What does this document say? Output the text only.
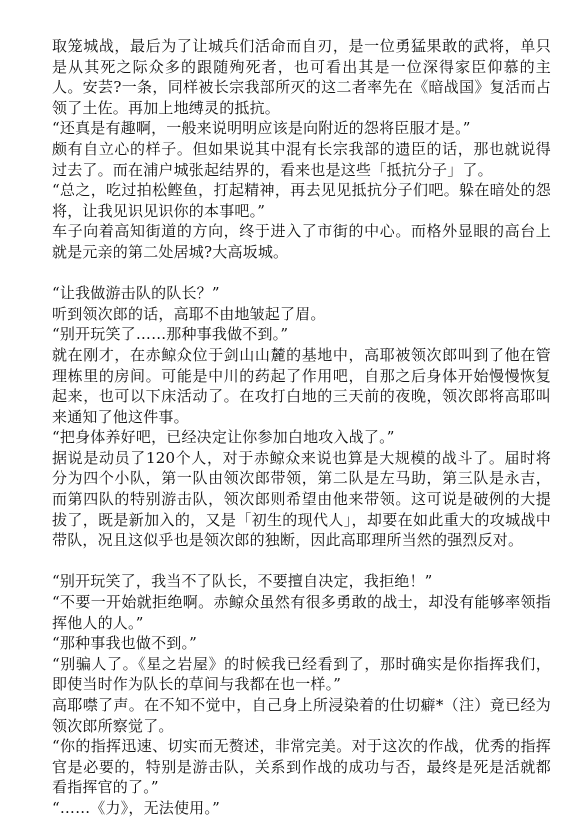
取笼城战，最后为了让城兵们活命而自刃，是一位勇猛果敢的武将，单只是从其死之际众多的跟随殉死者，也可看出其是一位深得家臣仰慕的主人。安芸?一条，同样被长宗我部所灭的这二者率先在《暗战国》复活而占领了土佐。再加上地缚灵的抵抗。

“还真是有趣啊，一般来说明明应该是向附近的怨将臣服才是。”

颇有自立心的样子。但如果说其中混有长宗我部的遗臣的话，那也就说得过去了。而在浦户城张起结界的，看来也是这些「抵抗分子」了。

“总之，吃过拍松鲣鱼，打起精神，再去见见抵抗分子们吧。躲在暗处的怨将，让我见识见识你的本事吧。”

车子向着高知街道的方向，终于进入了市街的中心。而格外显眼的高台上就是元亲的第二处居城?大高坂城。

“让我做游击队的队长？”

听到领次郎的话，高耶不由地皱起了眉。

“别开玩笑了……那种事我做不到。”

就在刚才，在赤鲸众位于剑山山麓的基地中，高耶被领次郎叫到了他在管理栋里的房间。可能是中川的药起了作用吧，自那之后身体开始慢慢恢复起来，也可以下床活动了。在攻打白地的三天前的夜晚，领次郎将高耶叫来通知了他这件事。

“把身体养好吧，已经决定让你参加白地攻入战了。”

据说是动员了120个人，对于赤鲸众来说也算是大规模的战斗了。届时将分为四个小队，第一队由领次郎带领，第二队是左马助，第三队是永吉，而第四队的特别游击队，领次郎则希望由他来带领。这可说是破例的大提拔了，既是新加入的，又是「初生的现代人」，却要在如此重大的攻城战中带队，况且这似乎也是领次郎的独断，因此高耶理所当然的强烈反对。

“别开玩笑了，我当不了队长，不要擅自决定，我拒绝！”

“不要一开始就拒绝啊。赤鲸众虽然有很多勇敢的战士，却没有能够率领指挥他人的人。”

“那种事我也做不到。”

“别骗人了。《星之岩屋》的时候我已经看到了，那时确实是你指挥我们，即使当时作为队长的草间与我都在也一样。”

高耶噤了声。在不知不觉中，自己身上所浸染着的仕切癖*（注）竟已经为领次郎所察觉了。

“你的指挥迅速、切实而无赘述，非常完美。对于这次的作战，优秀的指挥官是必要的，特别是游击队，关系到作战的成功与否，最终是死是活就都看指挥官的了。”

“……《力》，无法使用。”
